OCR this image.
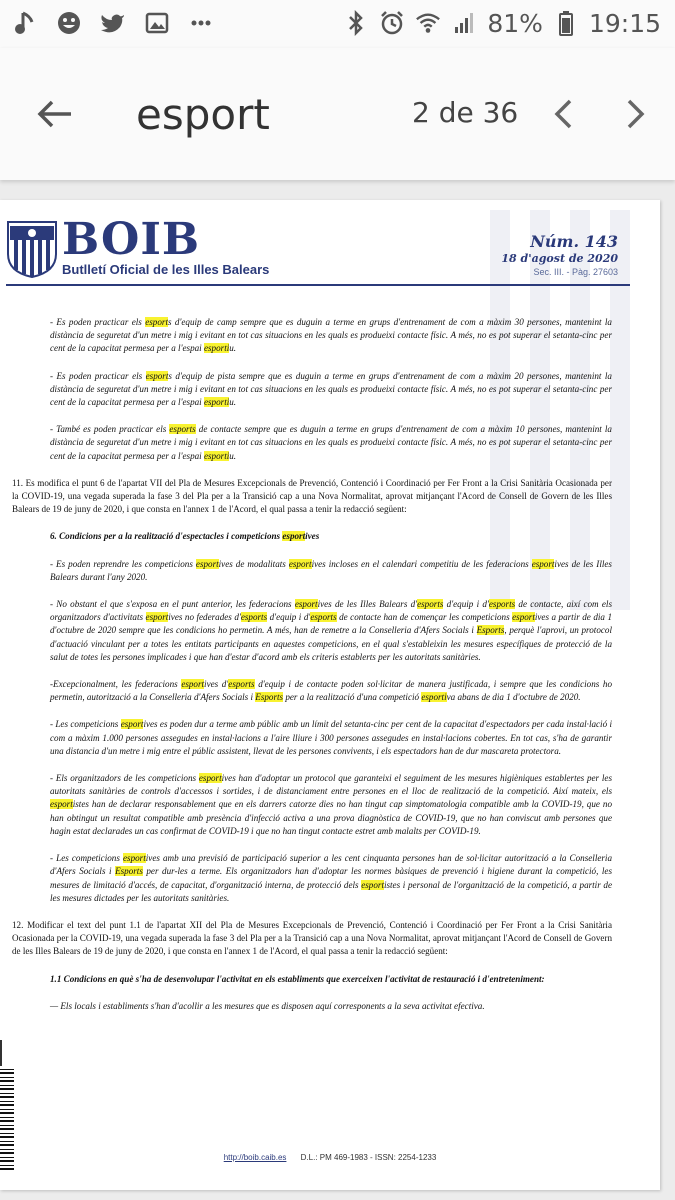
81% 19:15
esport	2 de 36
BOIB
Butlletí Oficial de les Illes Balears
Núm. 143
18 d'agost de 2020
Sec. III. - Pàg. 27603

- Es poden practicar els esports d'equip de camp sempre que es duguin a terme en grups d'entrenament de com a màxim 30 persones, mantenint la distància de seguretat d'un metre i mig i evitant en tot cas situacions en les quals es produeixi contacte físic. A més, no es pot superar el setanta-cinc per cent de la capacitat permesa per a l'espai esportiu.

- Es poden practicar els esports d'equip de pista sempre que es duguin a terme en grups d'entrenament de com a màxim 20 persones, mantenint la distància de seguretat d'un metre i mig i evitant en tot cas situacions en les quals es produeixi contacte físic. A més, no es pot superar el setanta-cinc per cent de la capacitat permesa per a l'espai esportiu.

- També es poden practicar els esports de contacte sempre que es duguin a terme en grups d'entrenament de com a màxim 10 persones, mantenint la distància de seguretat d'un metre i mig i evitant en tot cas situacions en les quals es produeixi contacte físic. A més, no es pot superar el setanta-cinc per cent de la capacitat permesa per a l'espai esportiu.

11. Es modifica el punt 6 de l'apartat VII del Pla de Mesures Excepcionals de Prevenció, Contenció i Coordinació per Fer Front a la Crisi Sanitària Ocasionada per la COVID-19, una vegada superada la fase 3 del Pla per a la Transició cap a una Nova Normalitat, aprovat mitjançant l'Acord de Consell de Govern de les Illes Balears de 19 de juny de 2020, i que consta en l'annex 1 de l'Acord, el qual passa a tenir la redacció següent:

6. Condicions per a la realització d'espectacles i competicions esportives

- Es poden reprendre les competicions esportives de modalitats esportives incloses en el calendari competitiu de les federacions esportives de les Illes Balears durant l'any 2020.

- No obstant el que s'exposa en el punt anterior, les federacions esportives de les Illes Balears d'esports d'equip i d'esports de contacte, així com els organitzadors d'activitats esportives no federades d'esports d'equip i d'esports de contacte han de començar les competicions esportives a partir de dia 1 d'octubre de 2020 sempre que les condicions ho permetin. A més, han de remetre a la Conselleria d'Afers Socials i Esports, perquè l'aprovi, un protocol d'actuació vinculant per a totes les entitats participants en aquestes competicions, en el qual s'estableixin les mesures específiques de protecció de la salut de totes les persones implicades i que han d'estar d'acord amb els criteris establerts per les autoritats sanitàries.

-Excepcionalment, les federacions esportives d'esports d'equip i de contacte poden sol·licitar de manera justificada, i sempre que les condicions ho permetin, autorització a la Conselleria d'Afers Socials i Esports per a la realització d'una competició esportiva abans de dia 1 d'octubre de 2020.

- Les competicions esportives es poden dur a terme amb públic amb un límit del setanta-cinc per cent de la capacitat d'espectadors per cada instal·lació i com a màxim 1.000 persones assegudes en instal·lacions a l'aire lliure i 300 persones assegudes en instal·lacions cobertes. En tot cas, s'ha de garantir una distancia d'un metre i mig entre el públic assistent, llevat de les persones convivents, i els espectadors han de dur mascareta protectora.

- Els organitzadors de les competicions esportives han d'adoptar un protocol que garanteixi el seguiment de les mesures higièniques establertes per les autoritats sanitàries de controls d'accessos i sortides, i de distanciament entre persones en el lloc de realització de la competició. Així mateix, els esportistes han de declarar responsablement que en els darrers catorze dies no han tingut cap simptomatologia compatible amb la COVID-19, que no han obtingut un resultat compatible amb presència d'infecció activa a una prova diagnòstica de COVID-19, que no han conviscut amb persones que hagin estat declarades un cas confirmat de COVID-19 i que no han tingut contacte estret amb malalts per COVID-19.

- Les competicions esportives amb una previsió de participació superior a les cent cinquanta persones han de sol·licitar autorització a la Conselleria d'Afers Socials i Esports per dur-les a terme. Els organitzadors han d'adoptar les normes bàsiques de prevenció i higiene durant la competició, les mesures de limitació d'accés, de capacitat, d'organització interna, de protecció dels esportistes i personal de l'organització de la competició, a partir de les mesures dictades per les autoritats sanitàries.

12. Modificar el text del punt 1.1 de l'apartat XII del Pla de Mesures Excepcionals de Prevenció, Contenció i Coordinació per Fer Front a la Crisi Sanitària Ocasionada per la COVID-19, una vegada superada la fase 3 del Pla per a la Transició cap a una Nova Normalitat, aprovat mitjançant l'Acord de Consell de Govern de les Illes Balears de 19 de juny de 2020, i que consta en l'annex 1 de l'Acord, el qual passa a tenir la redacció següent:

1.1 Condicions en què s'ha de desenvolupar l'activitat en els establiments que exerceixen l'activitat de restauració i d'entreteniment:

— Els locals i establiments s'han d'acollir a les mesures que es disposen aquí corresponents a la seva activitat efectiva.

http://boib.caib.es D.L.: PM 469-1983 - ISSN: 2254-1233
